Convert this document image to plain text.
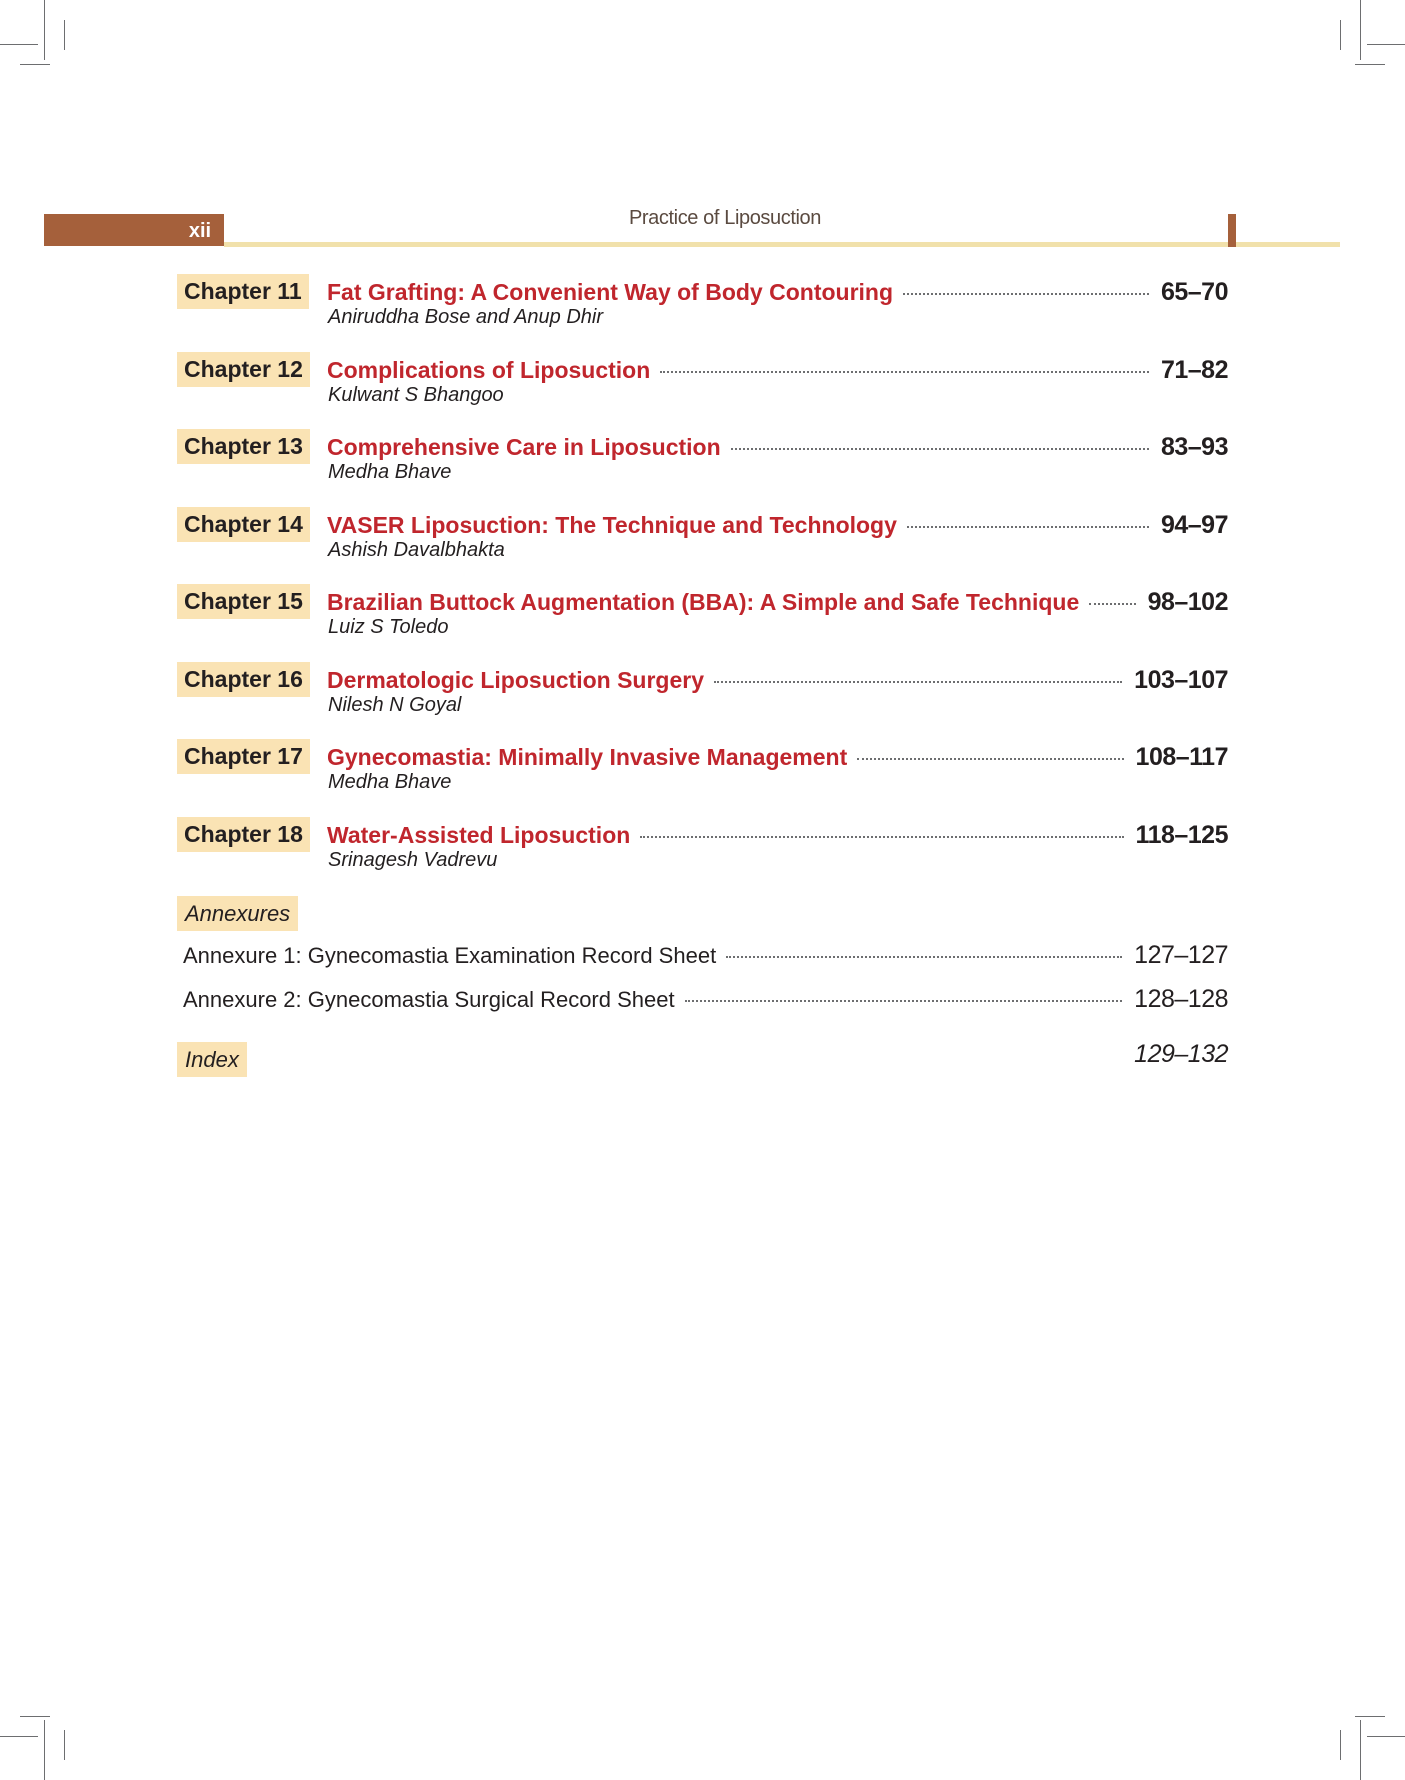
xii
Practice of Liposuction
Chapter 11	Fat Grafting: A Convenient Way of Body Contouring	65–70
Aniruddha Bose and Anup Dhir
Chapter 12	Complications of Liposuction	71–82
Kulwant S Bhangoo
Chapter 13	Comprehensive Care in Liposuction	83–93
Medha Bhave
Chapter 14	VASER Liposuction: The Technique and Technology	94–97
Ashish Davalbhakta
Chapter 15	Brazilian Buttock Augmentation (BBA): A Simple and Safe Technique	98–102
Luiz S Toledo
Chapter 16	Dermatologic Liposuction Surgery	103–107
Nilesh N Goyal
Chapter 17	Gynecomastia: Minimally Invasive Management	108–117
Medha Bhave
Chapter 18	Water-Assisted Liposuction	118–125
Srinagesh Vadrevu
Annexures
Annexure 1: Gynecomastia Examination Record Sheet	127–127
Annexure 2: Gynecomastia Surgical Record Sheet	128–128
Index	129–132
